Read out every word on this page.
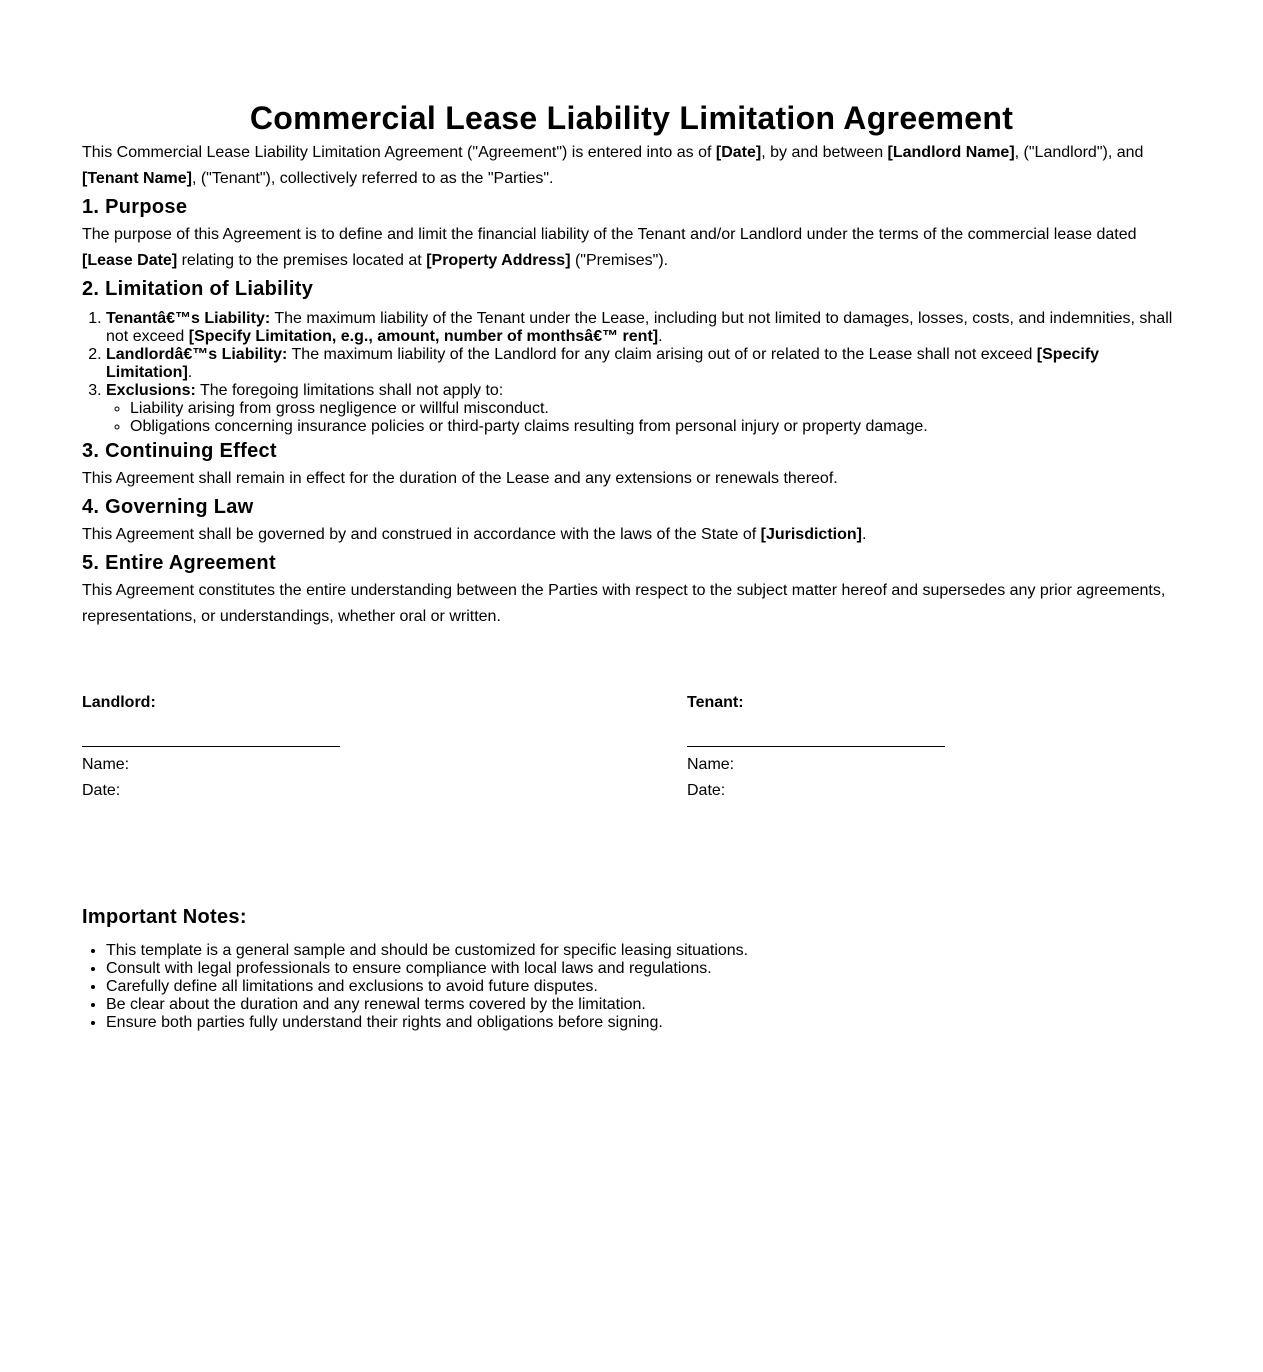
Commercial Lease Liability Limitation Agreement

This Commercial Lease Liability Limitation Agreement ("Agreement") is entered into as of [Date], by and between [Landlord Name], ("Landlord"), and [Tenant Name], ("Tenant"), collectively referred to as the "Parties".

1. Purpose

The purpose of this Agreement is to define and limit the financial liability of the Tenant and/or Landlord under the terms of the commercial lease dated [Lease Date] relating to the premises located at [Property Address] ("Premises").

2. Limitation of Liability
1. Tenantâ€™s Liability: The maximum liability of the Tenant under the Lease, including but not limited to damages, losses, costs, and indemnities, shall not exceed [Specify Limitation, e.g., amount, number of monthsâ€™ rent].
2. Landlordâ€™s Liability: The maximum liability of the Landlord for any claim arising out of or related to the Lease shall not exceed [Specify Limitation].
3. Exclusions: The foregoing limitations shall not apply to:
◦ Liability arising from gross negligence or willful misconduct.
◦ Obligations concerning insurance policies or third-party claims resulting from personal injury or property damage.
3. Continuing Effect

This Agreement shall remain in effect for the duration of the Lease and any extensions or renewals thereof.

4. Governing Law

This Agreement shall be governed by and construed in accordance with the laws of the State of [Jurisdiction].

5. Entire Agreement

This Agreement constitutes the entire understanding between the Parties with respect to the subject matter hereof and supersedes any prior agreements, representations, or understandings, whether oral or written.

Landlord:
Name:
Date:
Tenant:
Name:
Date:
Important Notes:
• This template is a general sample and should be customized for specific leasing situations.
• Consult with legal professionals to ensure compliance with local laws and regulations.
• Carefully define all limitations and exclusions to avoid future disputes.
• Be clear about the duration and any renewal terms covered by the limitation.
• Ensure both parties fully understand their rights and obligations before signing.
